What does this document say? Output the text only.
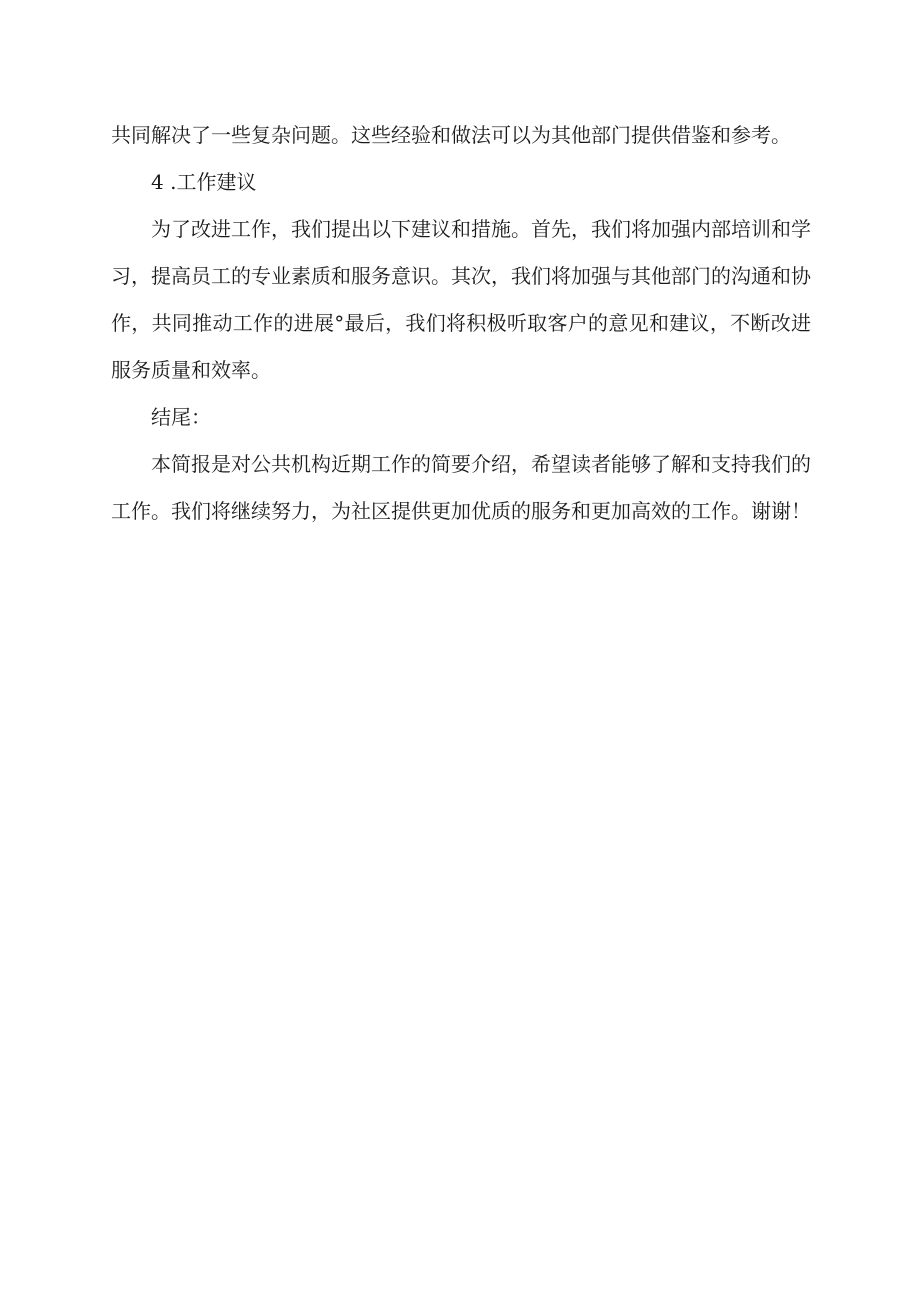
共同解决了一些复杂问题。这些经验和做法可以为其他部门提供借鉴和参考。

4 .工作建议

为了改进工作，我们提出以下建议和措施。首先，我们将加强内部培训和学习，提高员工的专业素质和服务意识。其次，我们将加强与其他部门的沟通和协作，共同推动工作的进展°最后，我们将积极听取客户的意见和建议，不断改进服务质量和效率。

结尾：

本简报是对公共机构近期工作的简要介绍，希望读者能够了解和支持我们的工作。我们将继续努力，为社区提供更加优质的服务和更加高效的工作。谢谢！
